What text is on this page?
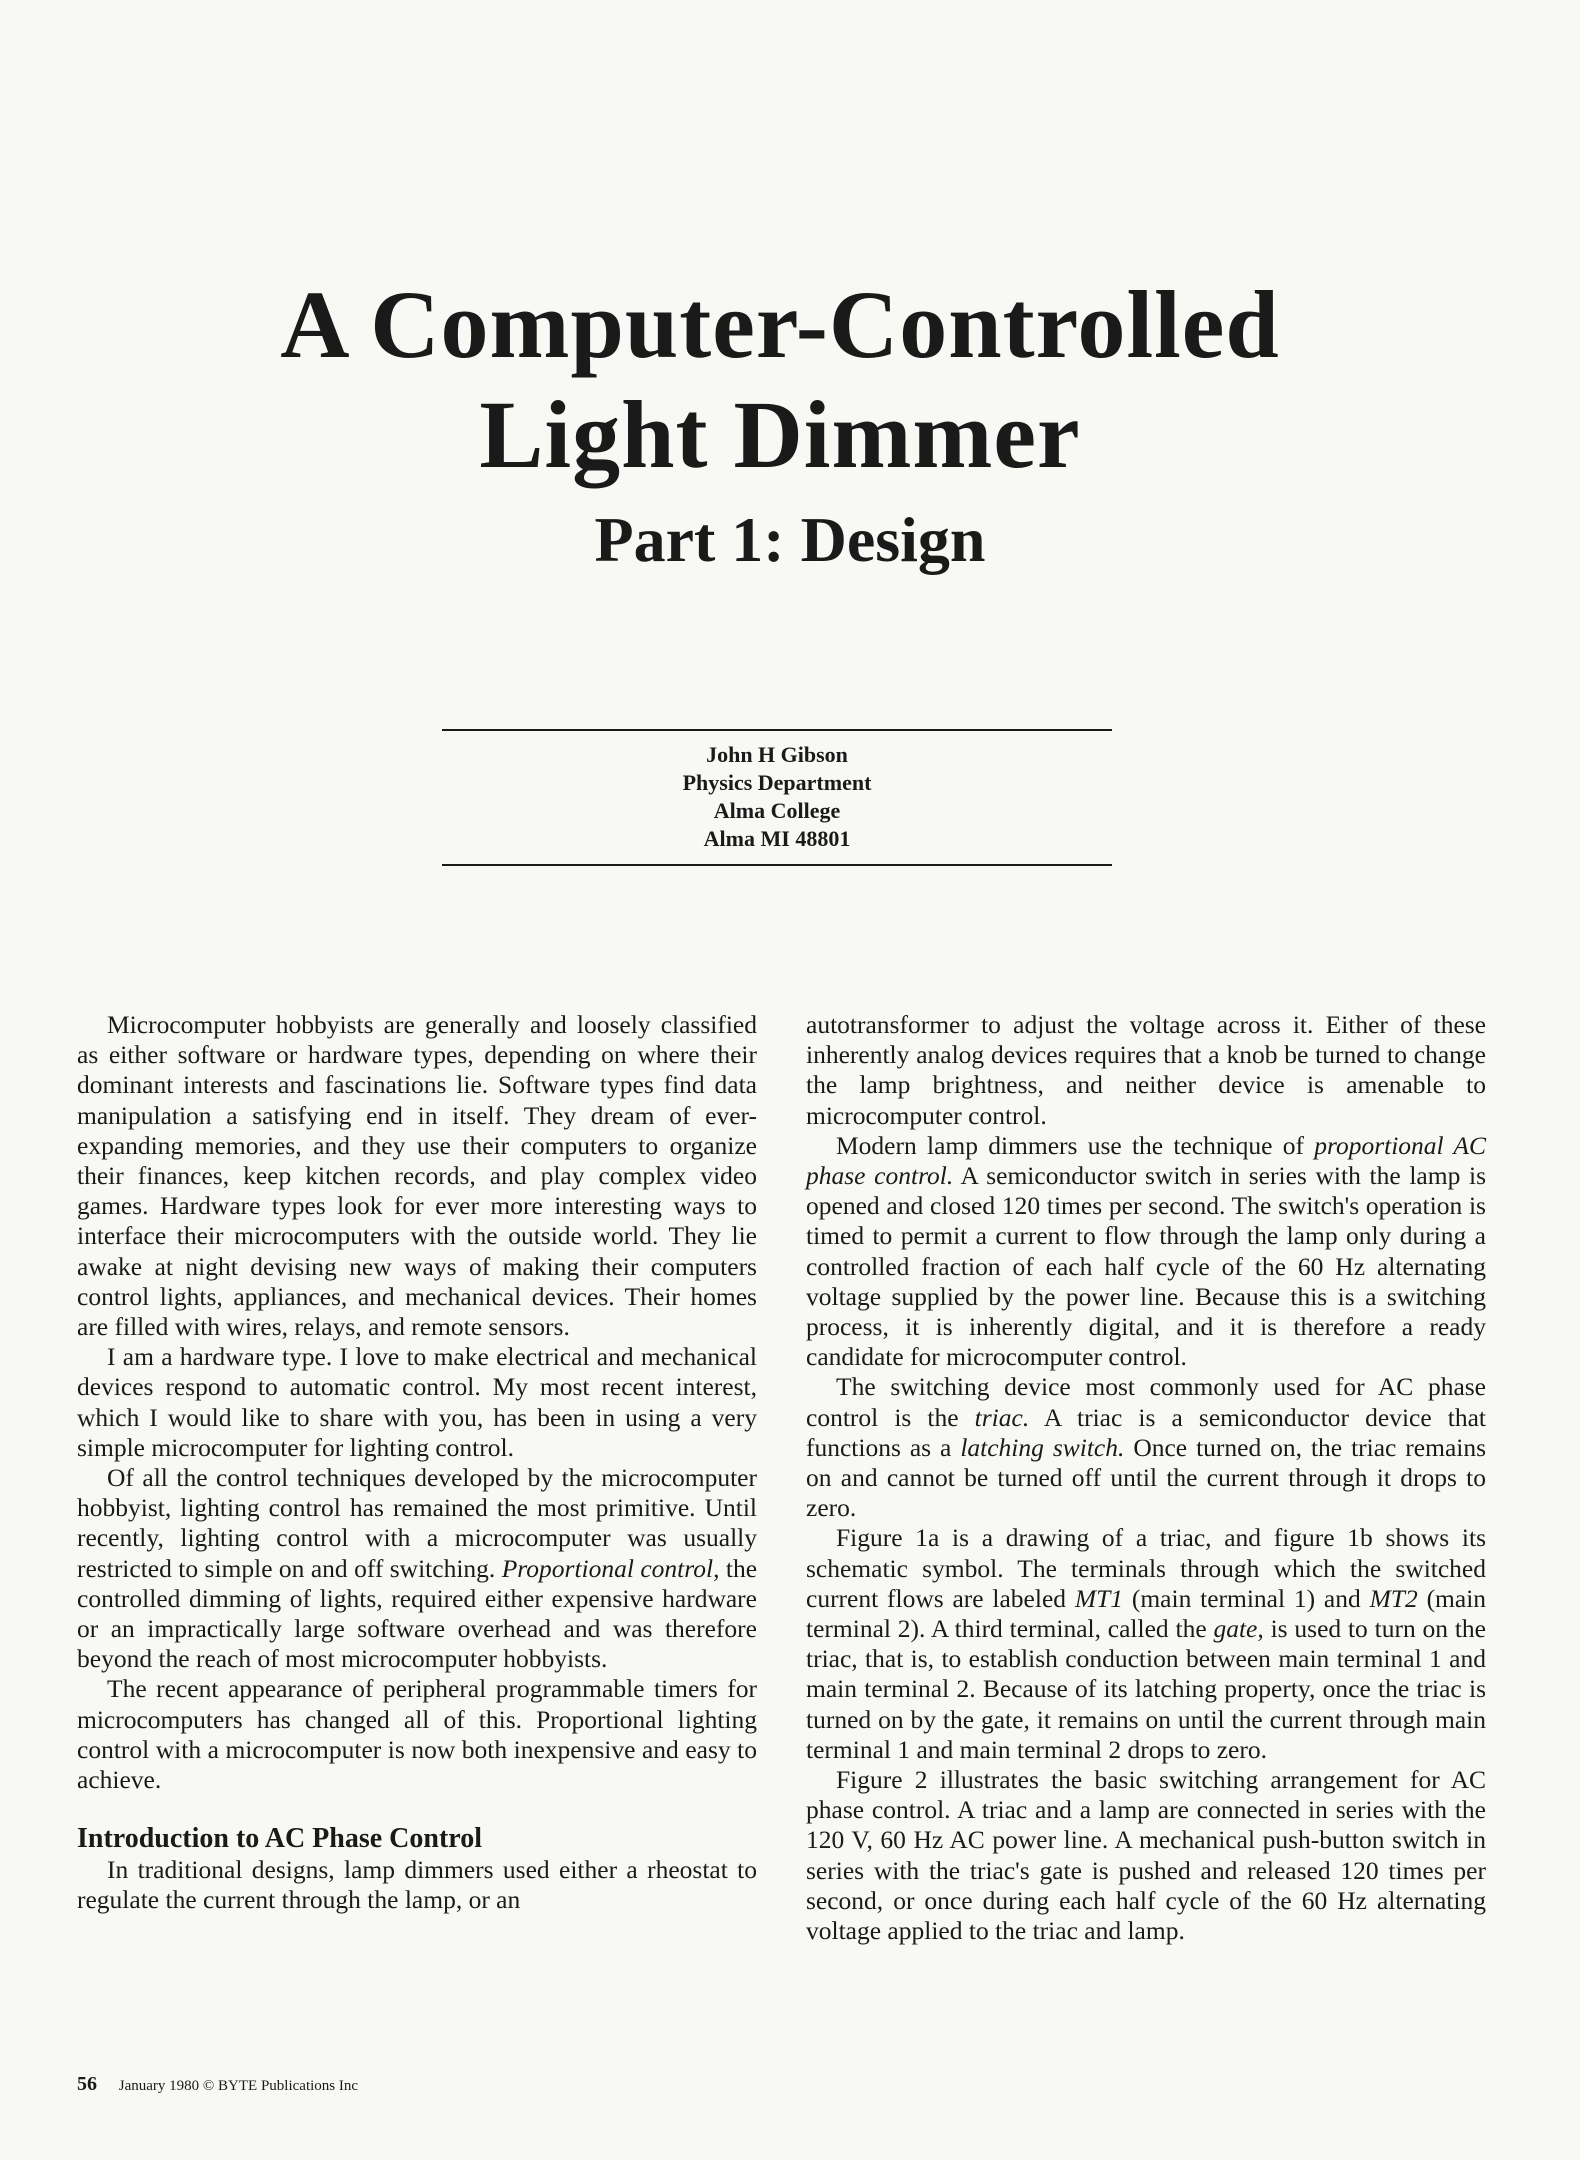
A Computer-Controlled
Light Dimmer
Part 1: Design
John H Gibson
Physics Department
Alma College
Alma MI 48801

Microcomputer hobbyists are generally and loosely classified as either software or hardware types, depending on where their dominant interests and fascinations lie. Software types find data manipulation a satisfying end in itself. They dream of ever-expanding memories, and they use their computers to organize their finances, keep kitchen records, and play complex video games. Hardware types look for ever more interesting ways to interface their microcomputers with the outside world. They lie awake at night devising new ways of making their computers control lights, appliances, and mechanical devices. Their homes are filled with wires, relays, and remote sensors.

I am a hardware type. I love to make electrical and mechanical devices respond to automatic control. My most recent interest, which I would like to share with you, has been in using a very simple microcomputer for lighting control.

Of all the control techniques developed by the microcomputer hobbyist, lighting control has remained the most primitive. Until recently, lighting control with a microcomputer was usually restricted to simple on and off switching. Proportional control, the controlled dimming of lights, required either expensive hardware or an impractically large software overhead and was therefore beyond the reach of most microcomputer hobbyists.

The recent appearance of peripheral programmable timers for microcomputers has changed all of this. Proportional lighting control with a microcomputer is now both inexpensive and easy to achieve.

Introduction to AC Phase Control

In traditional designs, lamp dimmers used either a rheostat to regulate the current through the lamp, or an

autotransformer to adjust the voltage across it. Either of these inherently analog devices requires that a knob be turned to change the lamp brightness, and neither device is amenable to microcomputer control.

Modern lamp dimmers use the technique of proportional AC phase control. A semiconductor switch in series with the lamp is opened and closed 120 times per second. The switch's operation is timed to permit a current to flow through the lamp only during a controlled fraction of each half cycle of the 60 Hz alternating voltage supplied by the power line. Because this is a switching process, it is inherently digital, and it is therefore a ready candidate for microcomputer control.

The switching device most commonly used for AC phase control is the triac. A triac is a semiconductor device that functions as a latching switch. Once turned on, the triac remains on and cannot be turned off until the current through it drops to zero.

Figure 1a is a drawing of a triac, and figure 1b shows its schematic symbol. The terminals through which the switched current flows are labeled MT1 (main terminal 1) and MT2 (main terminal 2). A third terminal, called the gate, is used to turn on the triac, that is, to establish conduction between main terminal 1 and main terminal 2. Because of its latching property, once the triac is turned on by the gate, it remains on until the current through main terminal 1 and main terminal 2 drops to zero.

Figure 2 illustrates the basic switching arrangement for AC phase control. A triac and a lamp are connected in series with the 120 V, 60 Hz AC power line. A mechanical push-button switch in series with the triac's gate is pushed and released 120 times per second, or once during each half cycle of the 60 Hz alternating voltage applied to the triac and lamp.

56 January 1980 © BYTE Publications Inc
